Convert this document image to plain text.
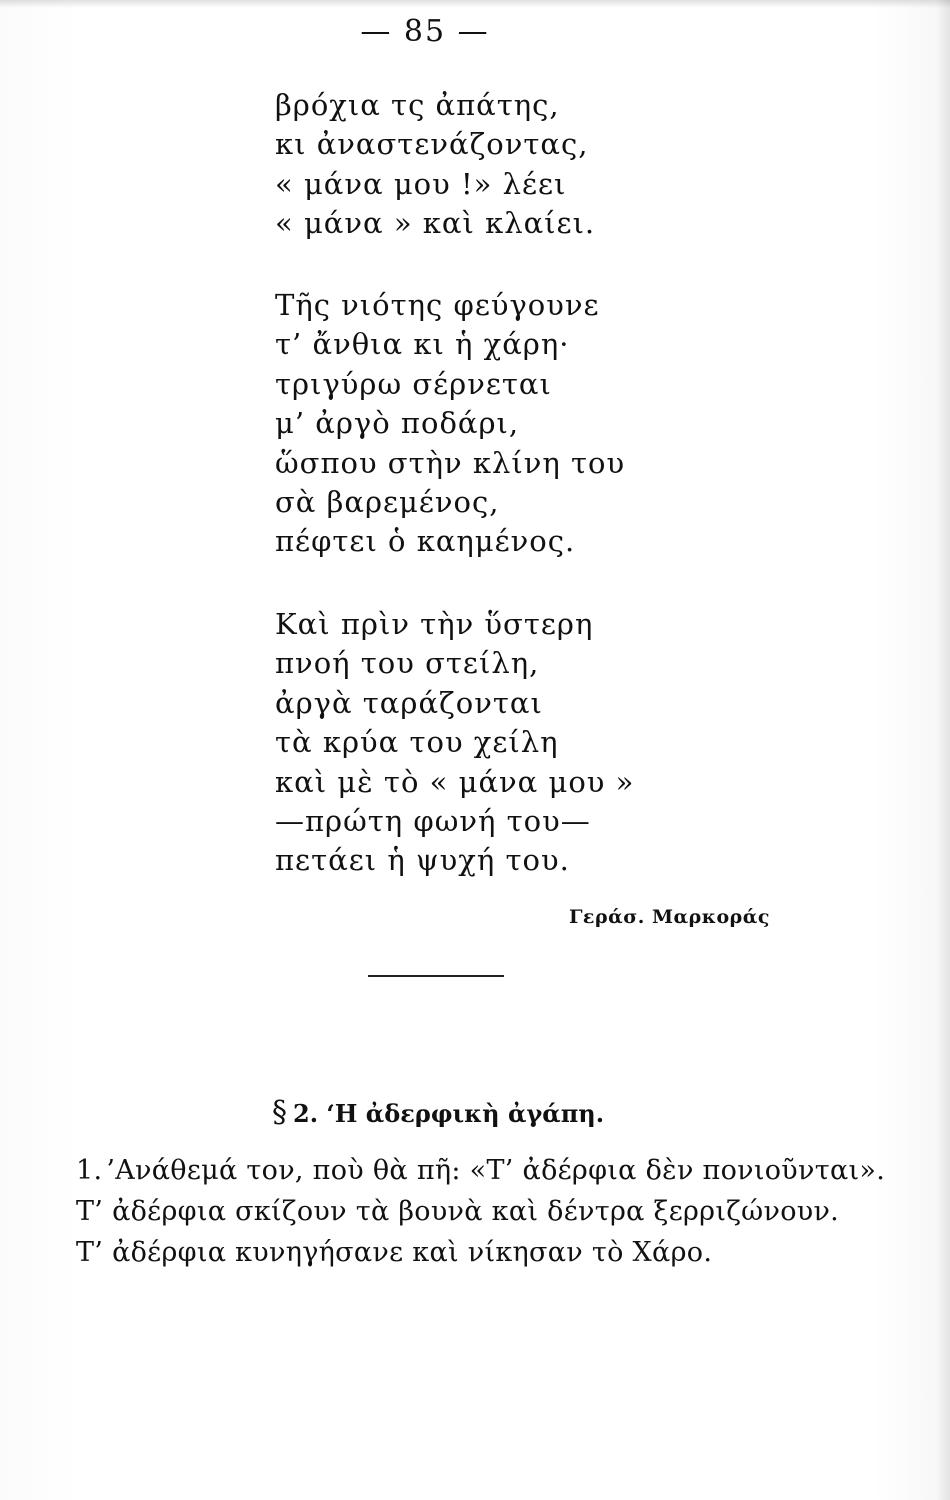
— 85 —
βρόχια τς ἀπάτης,
κι ἀναστενάζοντας,
« μάνα μου !» λέει
« μάνα » καὶ κλαίει.
Τῆς νιότης φεύγουνε
τ’ ἄνθια κι ἡ χάρη·
τριγύρω σέρνεται
μ’ ἀργὸ ποδάρι,
ὥσπου στὴν κλίνη του
σὰ βαρεμένος,
πέφτει ὁ καημένος.
Καὶ πρὶν τὴν ὕστερη
πνοή του στείλη,
ἀργὰ ταράζονται
τὰ κρύα του χείλη
καὶ μὲ τὸ « μάνα μου »
—πρώτη φωνή του—
πετάει ἡ ψυχή του.
Γεράσ. Μαρκοράς
§ 2. ‘Η ἀδερφικὴ ἀγάπη.
1. ’Ανάθεμά τον, ποὺ θὰ πῆ: «Τ’ ἀδέρφια δὲν πονιοῦνται».
Τ’ ἀδέρφια σκίζουν τὰ βουνὰ καὶ δέντρα ξερριζώνουν.
Τ’ ἀδέρφια κυνηγήσανε καὶ νίκησαν τὸ Χάρο.
